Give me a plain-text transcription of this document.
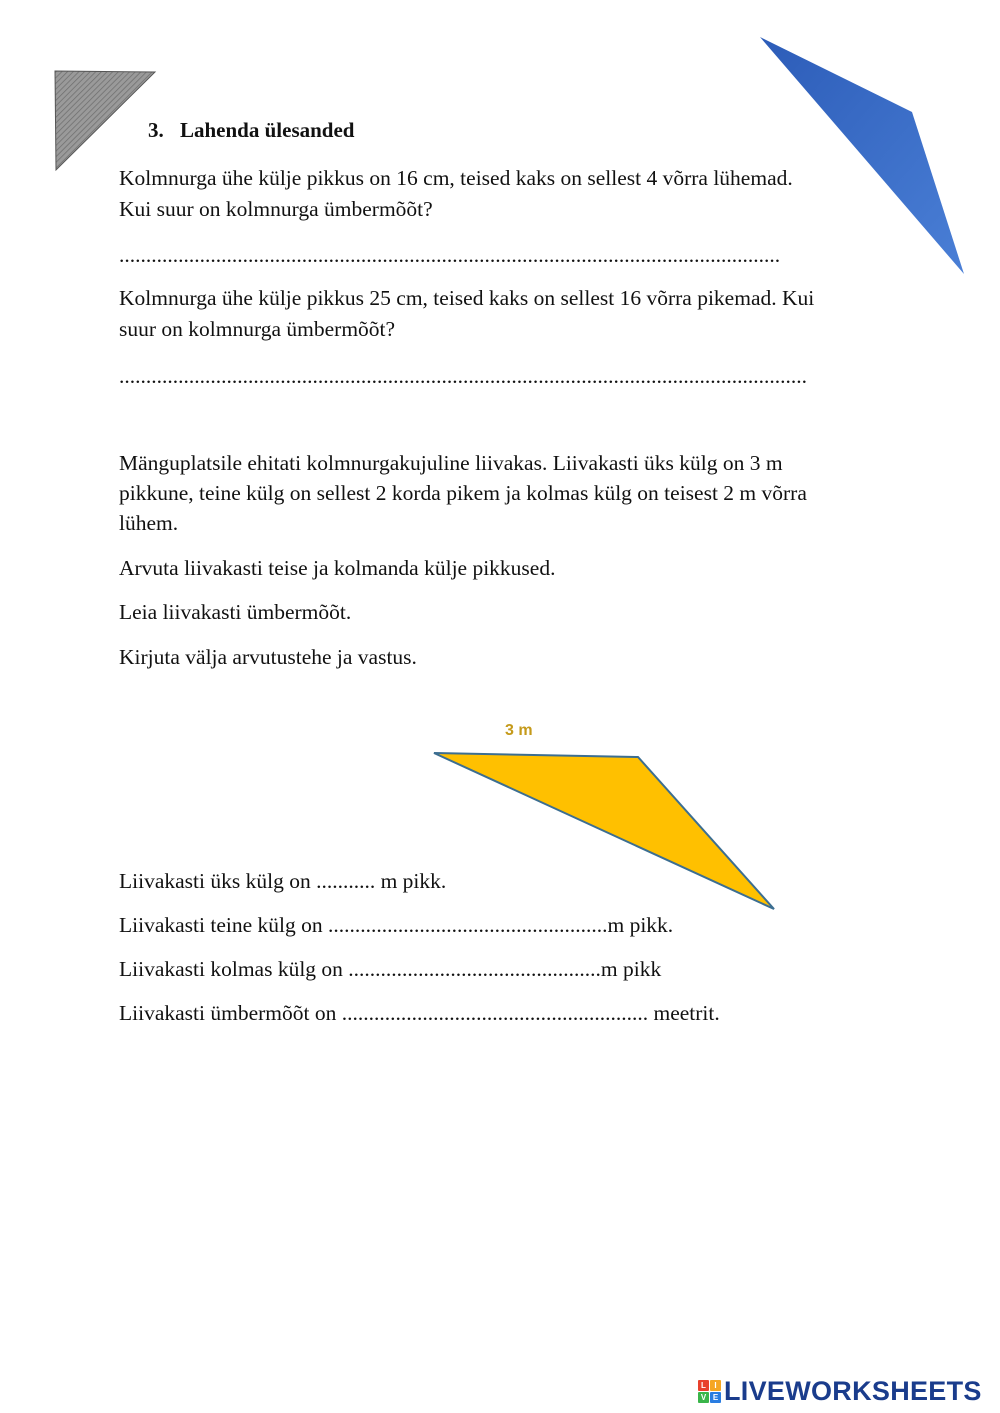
3. Lahenda ülesanded

Kolmnurga ühe külje pikkus on 16 cm, teised kaks on sellest 4 võrra lühemad.

Kui suur on kolmnurga ümbermõõt?

...........................................................................................................................

Kolmnurga ühe külje pikkus 25 cm, teised kaks on sellest 16 võrra pikemad. Kui

suur on kolmnurga ümbermõõt?

................................................................................................................................

Mänguplatsile ehitati kolmnurgakujuline liivakas. Liivakasti üks külg on 3 m

pikkune, teine külg on sellest 2 korda pikem ja kolmas külg on teisest 2 m võrra

lühem.

Arvuta liivakasti teise ja kolmanda külje pikkused.

Leia liivakasti ümbermõõt.

Kirjuta välja arvutustehe ja vastus.

3 m

Liivakasti üks külg on ........... m pikk.

Liivakasti teine külg on ....................................................m pikk.

Liivakasti kolmas külg on ...............................................m pikk

Liivakasti ümbermõõt on ......................................................... meetrit.

L	I
V E LIVEWORKSHEETS
